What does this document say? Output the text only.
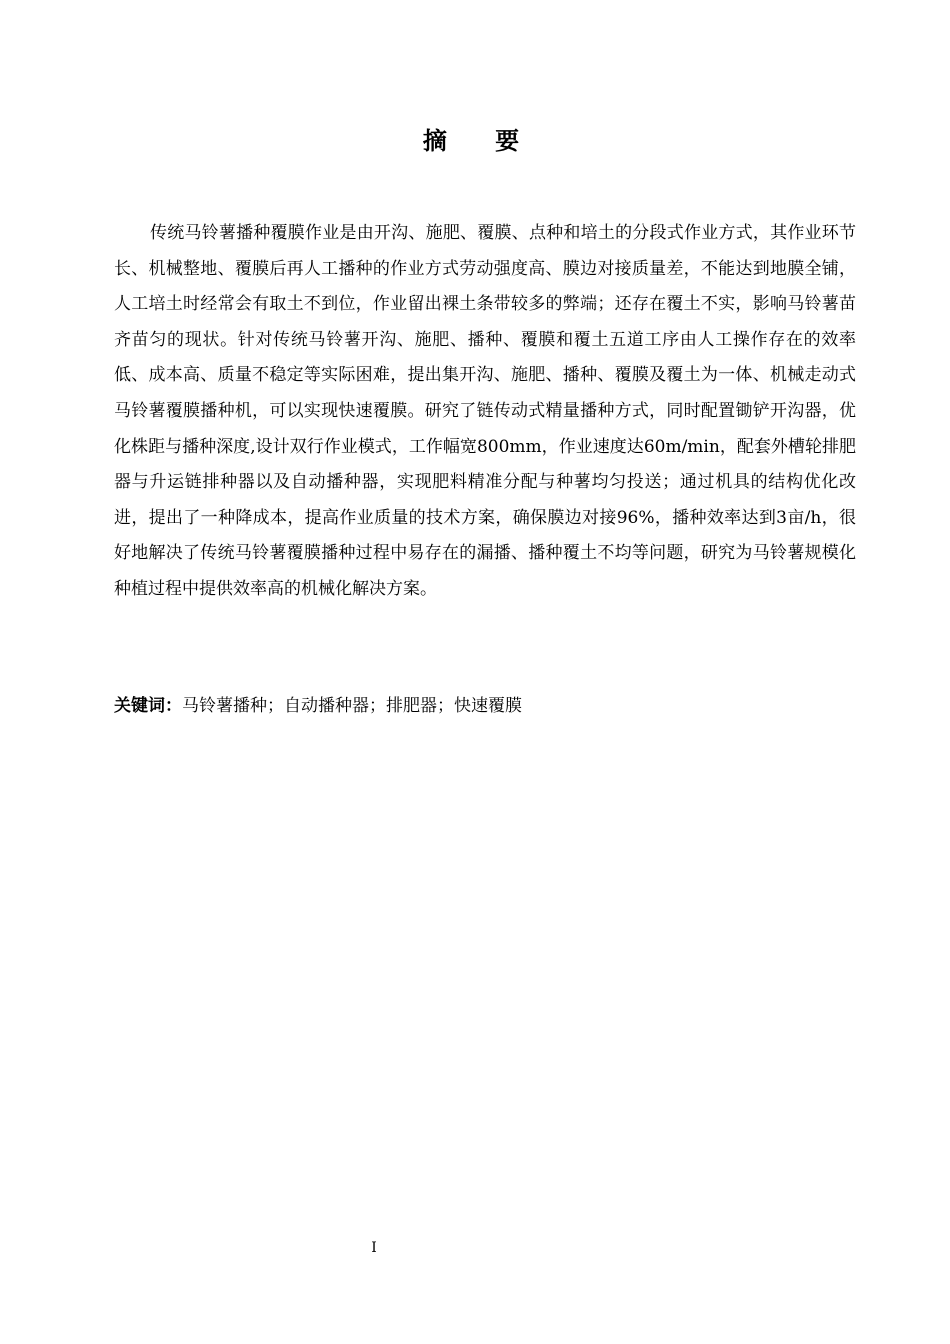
摘 要

传统马铃薯播种覆膜作业是由开沟、施肥、覆膜、点种和培土的分段式作业方式，其作业环节长、机械整地、覆膜后再人工播种的作业方式劳动强度高、膜边对接质量差，不能达到地膜全铺，人工培土时经常会有取土不到位，作业留出裸土条带较多的弊端；还存在覆土不实，影响马铃薯苗齐苗匀的现状。针对传统马铃薯开沟、施肥、播种、覆膜和覆土五道工序由人工操作存在的效率低、成本高、质量不稳定等实际困难，提出集开沟、施肥、播种、覆膜及覆土为一体、机械走动式马铃薯覆膜播种机，可以实现快速覆膜。研究了链传动式精量播种方式，同时配置锄铲开沟器，优化株距与播种深度,设计双行作业模式，工作幅宽800mm，作业速度达60m/min，配套外槽轮排肥器与升运链排种器以及自动播种器，实现肥料精准分配与种薯均匀投送；通过机具的结构优化改进，提出了一种降成本，提高作业质量的技术方案，确保膜边对接96%，播种效率达到3亩/h，很好地解决了传统马铃薯覆膜播种过程中易存在的漏播、播种覆土不均等问题，研究为马铃薯规模化种植过程中提供效率高的机械化解决方案。

关键词：马铃薯播种；自动播种器；排肥器；快速覆膜

I
